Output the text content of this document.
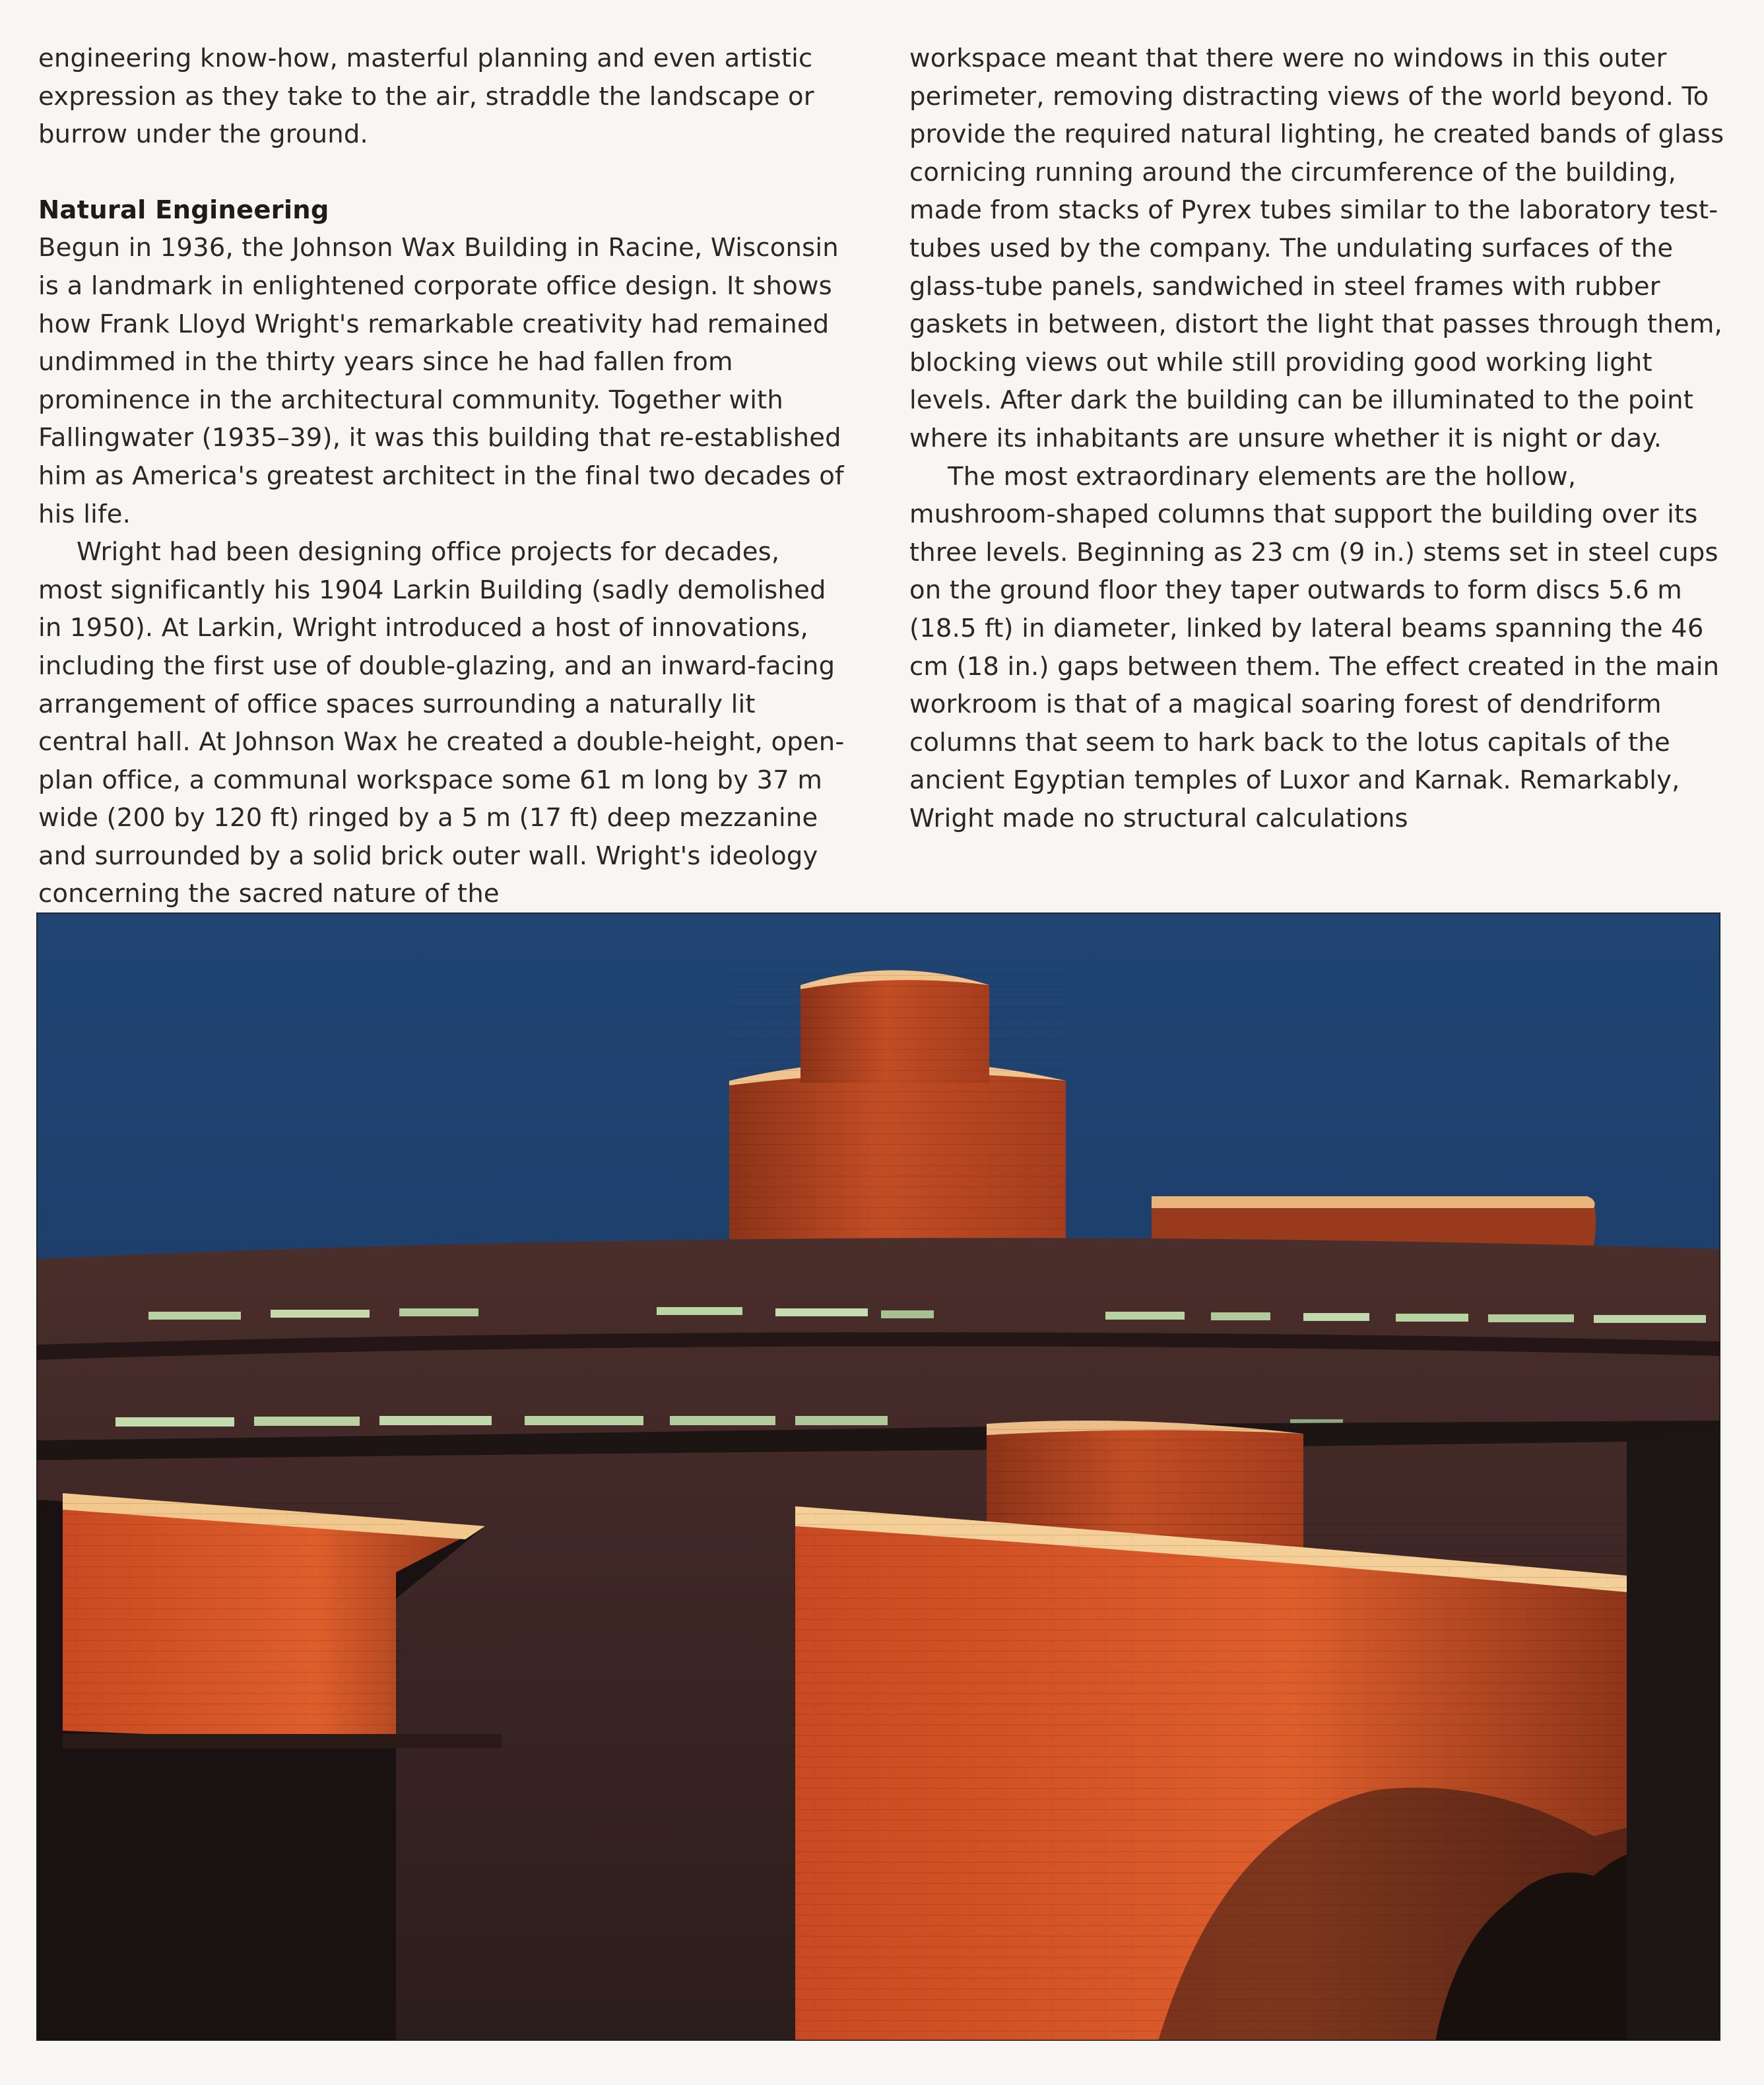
engineering know-how, masterful planning and even artistic expression as they take to the air, straddle the landscape or burrow under the ground.

Natural Engineering

Begun in 1936, the Johnson Wax Building in Racine, Wisconsin is a landmark in enlightened corporate office design. It shows how Frank Lloyd Wright's remarkable creativity had remained undimmed in the thirty years since he had fallen from prominence in the architectural community. Together with Fallingwater (1935–39), it was this building that re-established him as America's greatest architect in the final two decades of his life.

Wright had been designing office projects for decades, most significantly his 1904 Larkin Building (sadly demolished in 1950). At Larkin, Wright introduced a host of innovations, including the first use of double-glazing, and an inward-facing arrangement of office spaces surrounding a naturally lit central hall. At Johnson Wax he created a double-height, open-plan office, a communal workspace some 61 m long by 37 m wide (200 by 120 ft) ringed by a 5 m (17 ft) deep mezzanine and surrounded by a solid brick outer wall. Wright's ideology concerning the sacred nature of the

workspace meant that there were no windows in this outer perimeter, removing distracting views of the world beyond. To provide the required natural lighting, he created bands of glass cornicing running around the circumference of the building, made from stacks of Pyrex tubes similar to the laboratory test-tubes used by the company. The undulating surfaces of the glass-tube panels, sandwiched in steel frames with rubber gaskets in between, distort the light that passes through them, blocking views out while still providing good working light levels. After dark the building can be illuminated to the point where its inhabitants are unsure whether it is night or day.

The most extraordinary elements are the hollow, mushroom-shaped columns that support the building over its three levels. Beginning as 23 cm (9 in.) stems set in steel cups on the ground floor they taper outwards to form discs 5.6 m (18.5 ft) in diameter, linked by lateral beams spanning the 46 cm (18 in.) gaps between them. The effect created in the main workroom is that of a magical soaring forest of dendriform columns that seem to hark back to the lotus capitals of the ancient Egyptian temples of Luxor and Karnak. Remarkably, Wright made no structural calculations
